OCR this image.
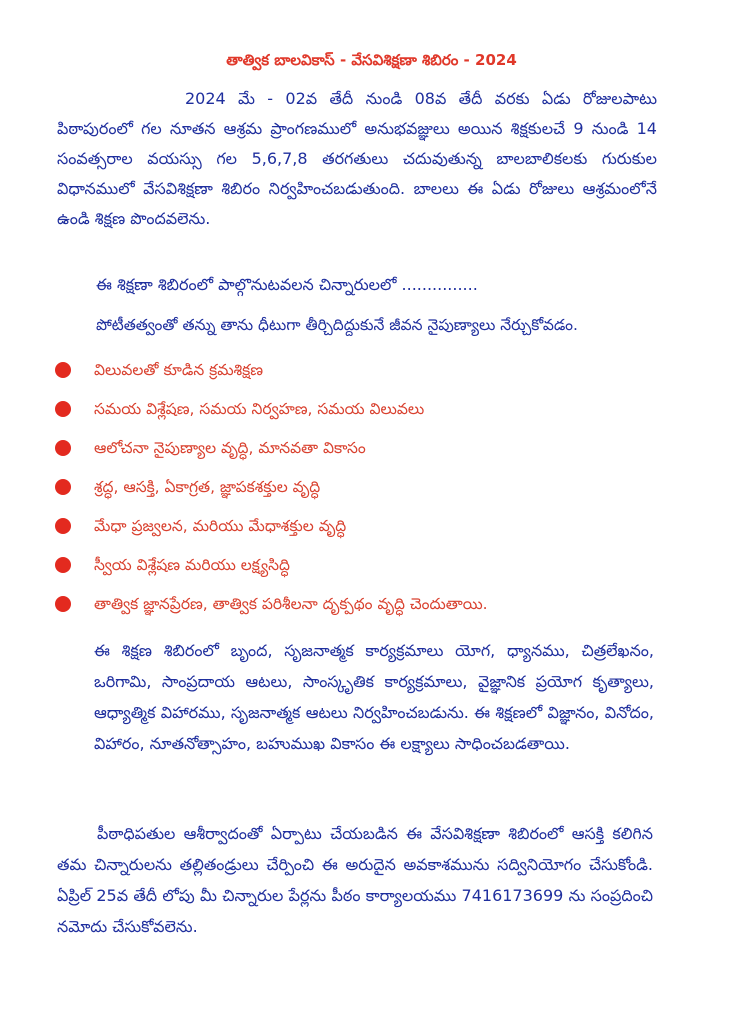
తాత్విక బాలవికాస్ - వేసవిశిక్షణా శిబిరం - 2024
2024 మే - 02వ తేదీ నుండి 08వ తేదీ వరకు ఏడు రోజులపాటు పిఠాపురంలో గల నూతన ఆశ్రమ ప్రాంగణములో అనుభవజ్ఞులు అయిన శిక్షకులచే 9 నుండి 14 సంవత్సరాల వయస్సు గల 5,6,7,8 తరగతులు చదువుతున్న బాలబాలికలకు గురుకుల విధానములో వేసవిశిక్షణా శిబిరం నిర్వహించబడుతుంది. బాలలు ఈ ఏడు రోజులు ఆశ్రమంలోనే ఉండి శిక్షణ పొందవలెను.
ఈ శిక్షణా శిబిరంలో పాల్గొనుటవలన చిన్నారులలో ...............
పోటీతత్వంతో తన్ను తాను ధీటుగా తీర్చిదిద్దుకునే జీవన నైపుణ్యాలు నేర్చుకోవడం.
విలువలతో కూడిన క్రమశిక్షణ
సమయ విశ్లేషణ, సమయ నిర్వహణ, సమయ విలువలు
ఆలోచనా నైపుణ్యాల వృద్ధి, మానవతా వికాసం
శ్రద్ధ, ఆసక్తి, ఏకాగ్రత, జ్ఞాపకశక్తుల వృద్ధి
మేధా ప్రజ్వలన, మరియు మేధాశక్తుల వృద్ధి
స్వీయ విశ్లేషణ మరియు లక్ష్యసిద్ధి
తాత్విక జ్ఞానప్రేరణ, తాత్విక పరిశీలనా దృక్పథం వృద్ధి చెందుతాయి.
ఈ శిక్షణ శిబిరంలో బృంద, సృజనాత్మక కార్యక్రమాలు యోగ, ధ్యానము, చిత్రలేఖనం, ఒరిగామి, సాంప్రదాయ ఆటలు, సాంస్కృతిక కార్యక్రమాలు, వైజ్ఞానిక ప్రయోగ కృత్యాలు, ఆధ్యాత్మిక విహారము, సృజనాత్మక ఆటలు నిర్వహించబడును. ఈ శిక్షణలో విజ్ఞానం, వినోదం, విహారం, నూతనోత్సాహం, బహుముఖ వికాసం ఈ లక్ష్యాలు సాధించబడతాయి.
పీఠాధిపతుల ఆశీర్వాదంతో ఏర్పాటు చేయబడిన ఈ వేసవిశిక్షణా శిబిరంలో ఆసక్తి కలిగిన తమ చిన్నారులను తల్లితండ్రులు చేర్పించి ఈ అరుదైన అవకాశమును సద్వినియోగం చేసుకోండి. ఏప్రిల్ 25వ తేదీ లోపు మీ చిన్నారుల పేర్లను పీఠం కార్యాలయము 7416173699 ను సంప్రదించి నమోదు చేసుకోవలెను.
